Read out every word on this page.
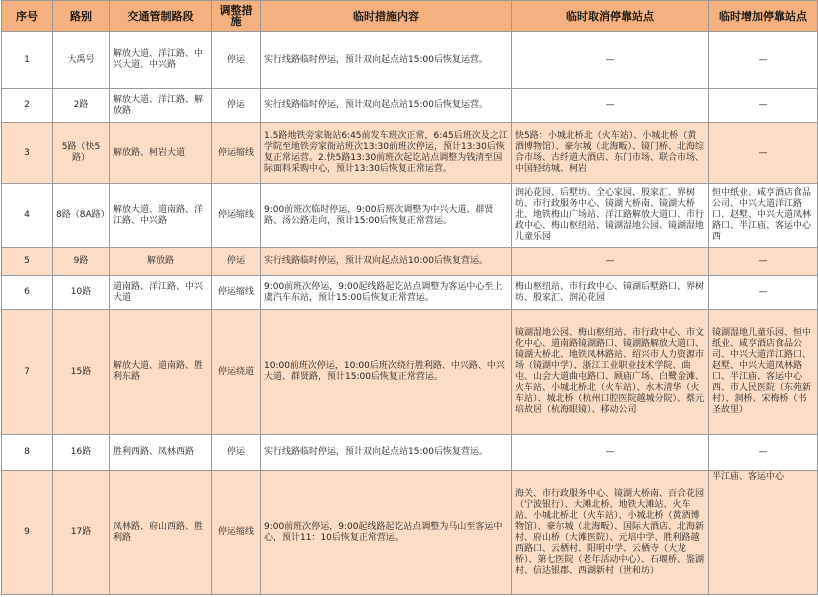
序号	路别	交通管制路段	调整措施	临时措施内容	临时取消停靠站点	临时增加停靠站点
1	大禹号	解放大道、洋江路、中兴大道、中兴路	停运	实行线路临时停运，预计双向起点站15:00后恢复运营。	—	—
2	2路	解放大道、洋江路、解放路	停运	实行线路临时停运，预计双向起点站15:00后恢复运营。	—	—
3	5路（快5路）	解放路、柯岩大道	停运缩线	1.5路地铁旁家衙站6:45前发车班次正常，6:45后班次及之江学院至地铁旁家衙站班次13:30前班次停运，预计13:30后恢复正常运营。2.快5路13:30前班次起讫站点调整为钱清至国际面料采购中心，预计13:30后恢复正常运营。	快5路：小城北桥北（火车站）、小城北桥（黄酒博物馆）、豪尔城（北海畈）、镜门桥、北海综合市场、古纤道大酒店、东门市场、联合市场、中国轻纺城、柯岩	—
4	8路（8A路）	解放大道、道南路、洋江路、中兴路	停运缩线	9:00前班次临时停运，9:00后班次调整为中兴大道、群贤路、汤公路走向，预计15:00后恢复正常营运。	润沁花园、后墅坊、全心家园、殷家汇、界树坊、市行政服务中心、镜湖大桥南、镜湖大桥北、地铁梅山广场站、洋江路解放大道口、市行政中心、梅山枢纽站、镜湖湿地公园、镜湖湿地儿童乐园	恒中纸业、咸亨酒店食品公司、中兴大道洋江路口、赵墅、中兴大道凤林路口、半江庙、客运中心西
5	9路	解放路	停运	实行线路临时停运，预计双向起点站10:00后恢复营运。	—	—
6	10路	道南路、洋江路、中兴大道	停运缩线	9:00前班次停运，9:00起线路起讫站点调整为客运中心至上虞汽车东站，预计15:00后恢复正常营运。	梅山枢纽站、市行政中心、镜湖后墅路口、界树坊、殷家汇、润沁花园	—
7	15路	解放大道、道南路、胜利东路	停运绕道	10:00前班次停运，10:00后班次绕行胜利路、中兴路、中兴大道、群贤路，预计15:00后恢复正常营运。	镜湖湿地公园、梅山枢纽站、市行政中心、市文化中心、道南路镜湖路口、镜湖路解放大道口、镜湖大桥北、地铁凤林路站、绍兴市人力资源市场（镜湖中学）、浙江工业职业技术学院、曲屯、山会大道曲屯路口、顾庙广场、白鹭金滩、火车站、小城北桥北（火车站）、水木清华（火车站）、城北桥（杭州口腔医院越城分院）、蔡元培故居（杭海眼镜）、移动公司	镜湖湿地儿童乐园、恒中纸业、咸亨酒店食品公司、中兴大道洋江路口、赵墅、中兴大道凤林路口、半江庙、客运中心西、市人民医院（东苑新村）、洞桥、宋梅桥（书圣故里）
8	16路	胜利西路、凤林西路	停运	实行线路临时停运，预计双向起点站15:00后恢复营运。	—	—
9	17路	凤林路、府山西路、胜利路	停运缩线	9:00前班次停运，9:00起线路起讫站点调整为马山至客运中心，预计11：10后恢复正常营运。	海关、市行政服务中心、镜湖大桥南、百合花园（宁波银行）、大滩北桥、地铁大滩站、火车站、小城北桥北（火车站）、小城北桥（黄酒博物馆）、豪尔城（北海畈）、国际大酒店、北海新村、府山桥（大滩医院）、元培中学、胜利路越西路口、云栖村、阳明中学、云栖寺（大龙桥）、第七医院（老年活动中心）、石堰桥、鉴湖村、信达银郡、西湖新村（世和坊）	半江庙、客运中心
